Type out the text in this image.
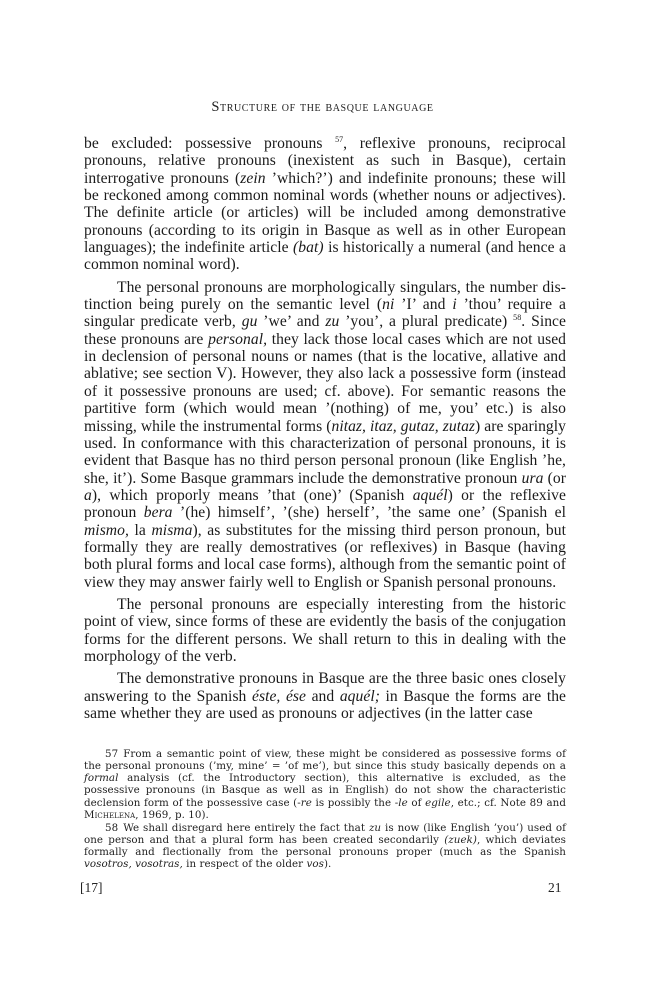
Structure of the basque language

be excluded: possessive pronouns $^{57}$, reflexive pronouns, reciprocal pronouns, relative pronouns (inexistent as such in Basque), certain interrogative pronouns (zein ’which?’) and indefinite pronouns; these will be reckoned among common nominal words (whether nouns or adjectives). The definite article (or articles) will be included among demonstrative pronouns (according to its origin in Basque as well as in other European languages); the indefinite article (bat) is historically a numeral (and hence a common nominal word).

The personal pronouns are morphologically singulars, the number distinction being purely on the semantic level (ni ’I’ and i ’thou’ require a singular predicate verb, gu ’we’ and zu ’you’, a plural predicate) $^{58}$. Since these pronouns are personal, they lack those local cases which are not used in declension of personal nouns or names (that is the locative, allative and ablative; see section V). However, they also lack a possessive form (instead of it possessive pronouns are used; cf. above). For semantic reasons the partitive form (which would mean ’(nothing) of me, you’ etc.) is also missing, while the instrumental forms (nitaz, itaz, gutaz, zutaz) are sparingly used. In conformance with this characterization of personal pronouns, it is evident that Basque has no third person personal pronoun (like English ’he, she, it’). Some Basque grammars include the demonstrative pronoun ura (or a), which proporly means ’that (one)’ (Spanish aquél) or the reflexive pronoun bera ’(he) himself’, ’(she) herself’, ’the same one’ (Spanish el mismo, la misma), as substitutes for the missing third person pronoun, but formally they are really demostratives (or reflexives) in Basque (having both plural forms and local case forms), although from the semantic point of view they may answer fairly well to English or Spanish personal pronouns.

The personal pronouns are especially interesting from the historic point of view, since forms of these are evidently the basis of the conjugation forms for the different persons. We shall return to this in dealing with the morphology of the verb.

The demonstrative pronouns in Basque are the three basic ones closely answering to the Spanish éste, ése and aquél; in Basque the forms are the same whether they are used as pronouns or adjectives (in the latter case

57 From a semantic point of view, these might be considered as possessive forms of the personal pronouns (’my, mine’ = ’of me’), but since this study basically depends on a formal analysis (cf. the Introductory section), this alternative is excluded, as the possessive pronouns (in Basque as well as in English) do not show the characteristic declension form of the possessive case (-re is possibly the -le of egile, etc.; cf. Note 89 and Michelena, 1969, p. 10).

58 We shall disregard here entirely the fact that zu is now (like English ’you’) used of one person and that a plural form has been created secondarily (zuek), which deviates formally and flectionally from the personal pronouns proper (much as the Spanish vosotros, vosotras, in respect of the older vos).

[17]	21
